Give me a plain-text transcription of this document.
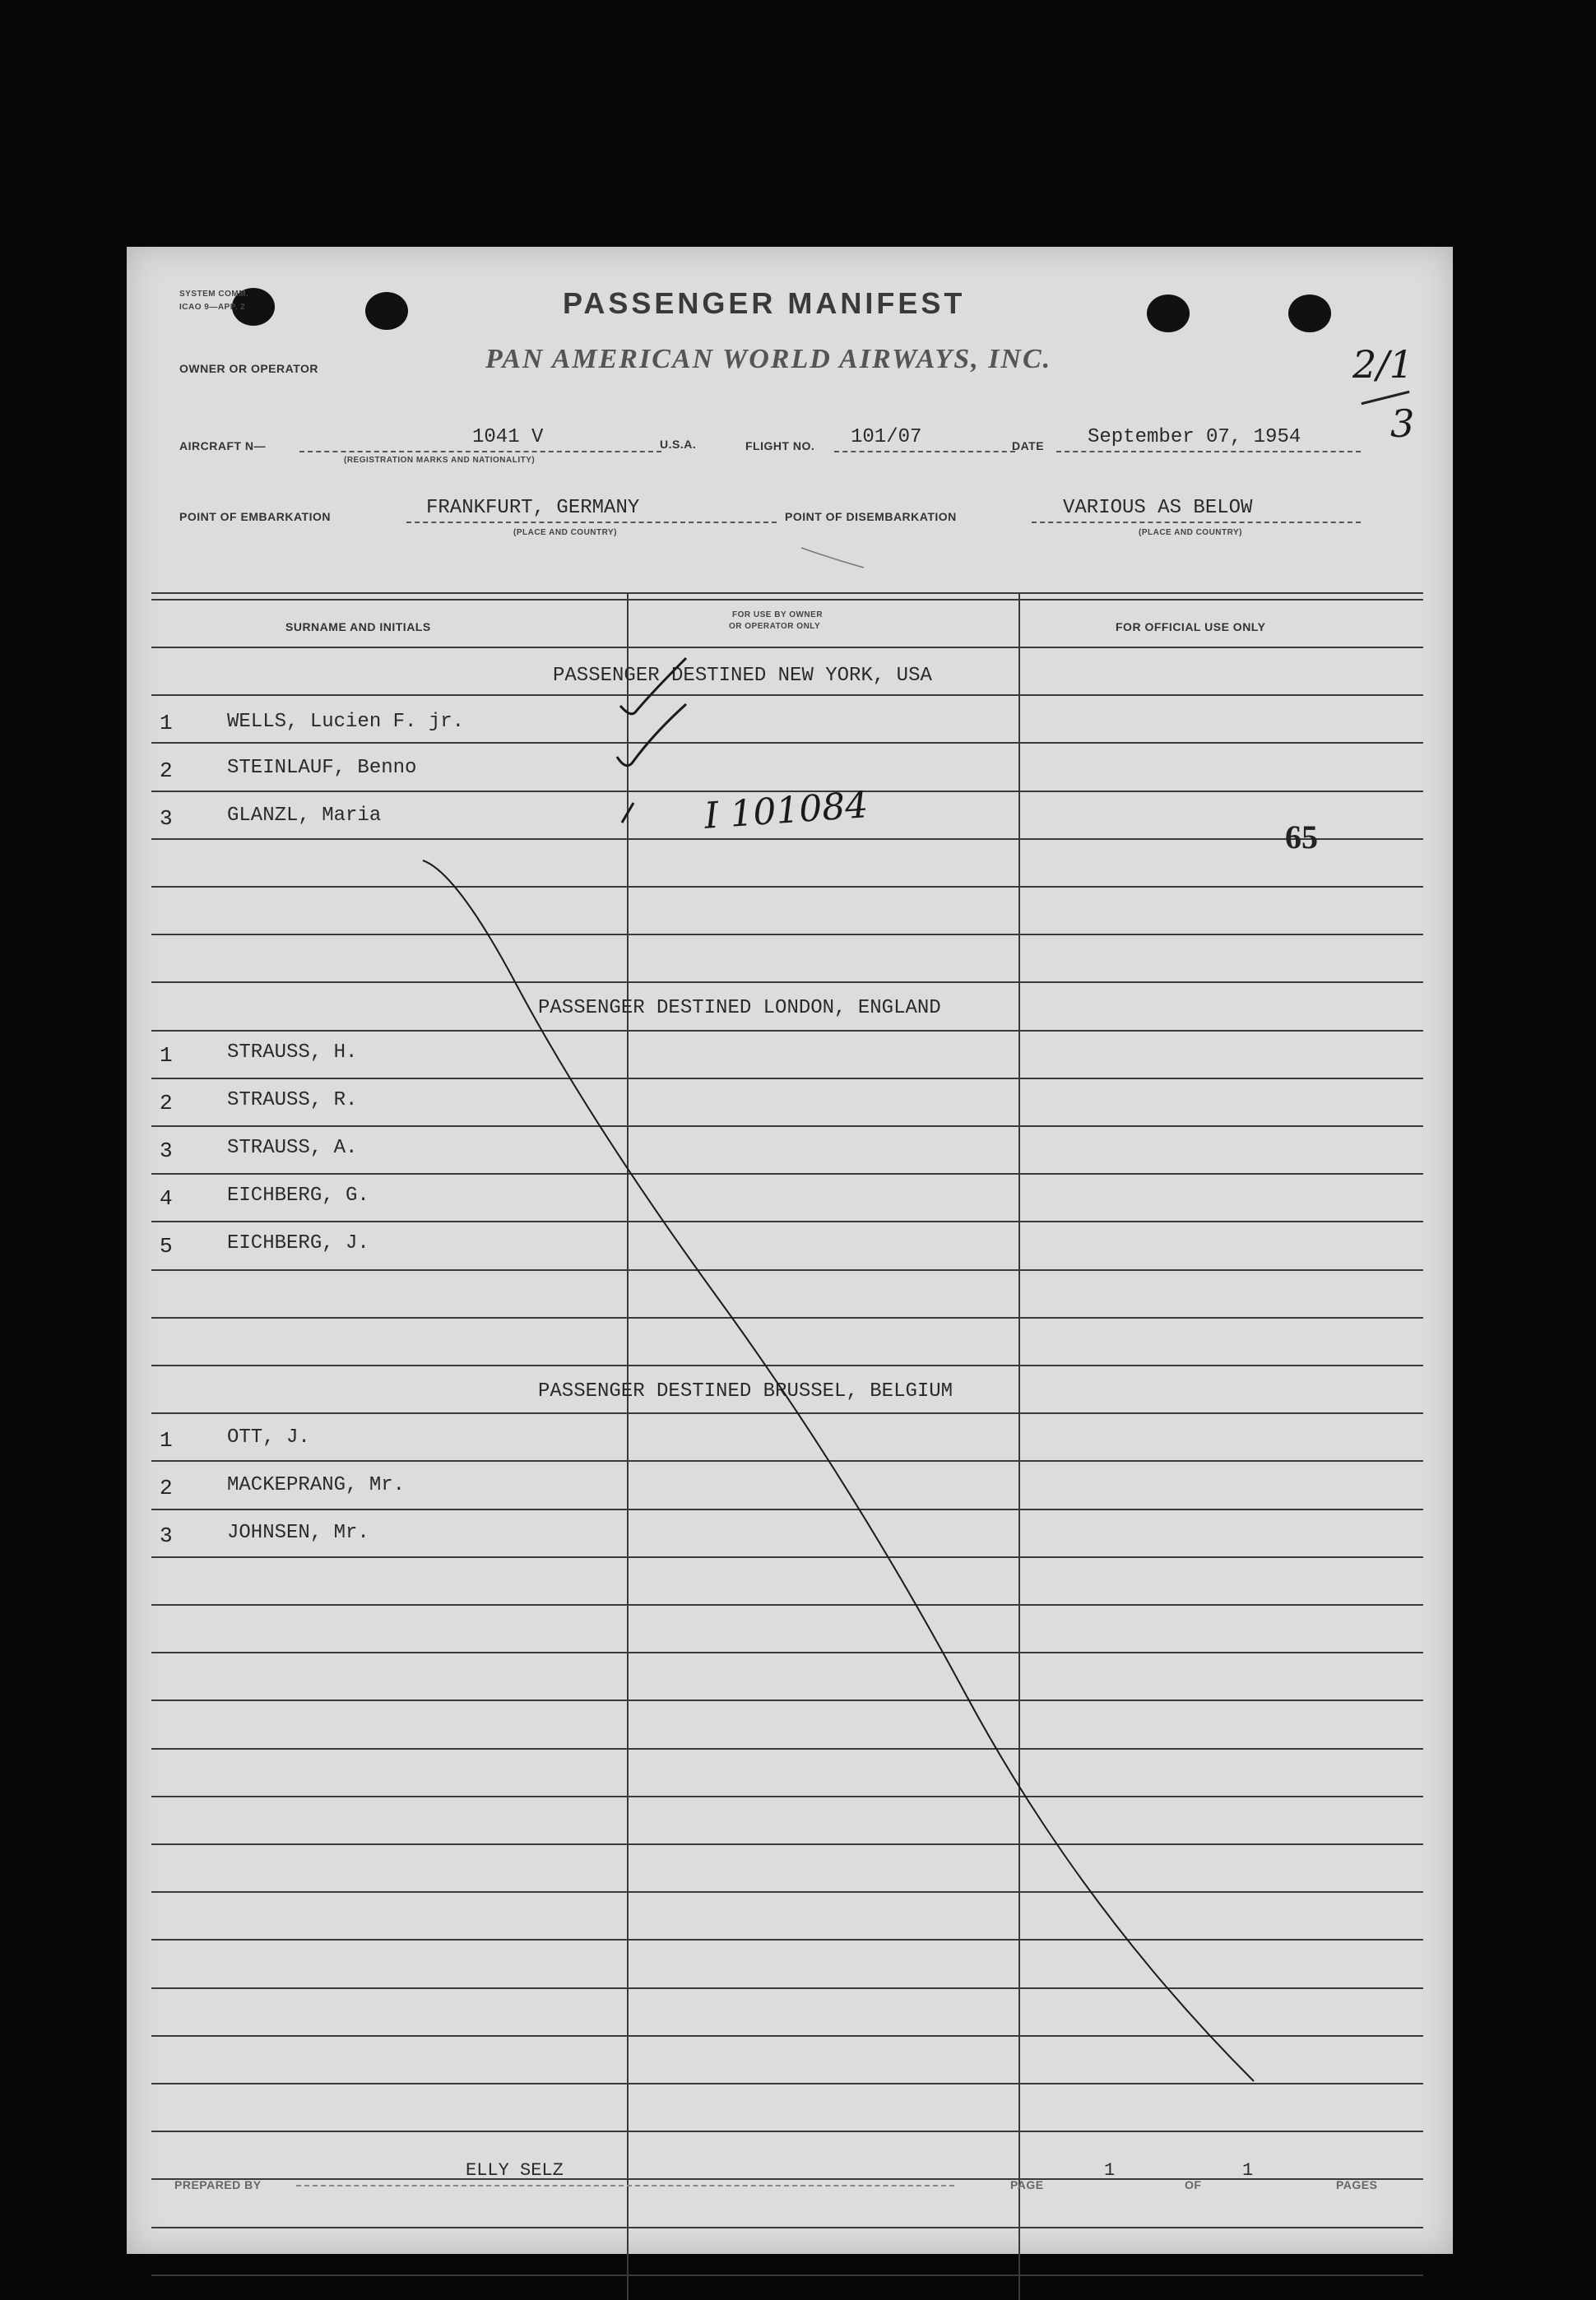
SYSTEM COMM.
ICAO 9—APP. 2	PASSENGER MANIFEST
OWNER OR OPERATOR	PAN AMERICAN WORLD AIRWAYS, INC.	2/1
3
AIRCRAFT N—	1041 V
(REGISTRATION MARKS AND NATIONALITY)
U.S.A.	FLIGHT NO. 101/07	DATE September 07, 1954
POINT OF EMBARKATION	FRANKFURT, GERMANY
(PLACE AND COUNTRY)
POINT OF DISEMBARKATION	VARIOUS AS BELOW
(PLACE AND COUNTRY)
SURNAME AND INITIALS
FOR USE BY OWNER
OR OPERATOR ONLY	FOR OFFICIAL USE ONLY
PASSENGER DESTINED NEW YORK, USA
1	WELLS, Lucien F. jr.
2	STEINLAUF, Benno
3	GLANZL, Maria
PASSENGER DESTINED LONDON, ENGLAND
1	STRAUSS, H.
2	STRAUSS, R.
3	STRAUSS, A.
4	EICHBERG, G.
5	EICHBERG, J.
PASSENGER DESTINED BRUSSEL, BELGIUM
1	OTT, J.
2	MACKEPRANG, Mr.
3	JOHNSEN, Mr.
I 101084	65
PREPARED BY
ELLY SELZ
PAGE
1
OF
1
PAGES
